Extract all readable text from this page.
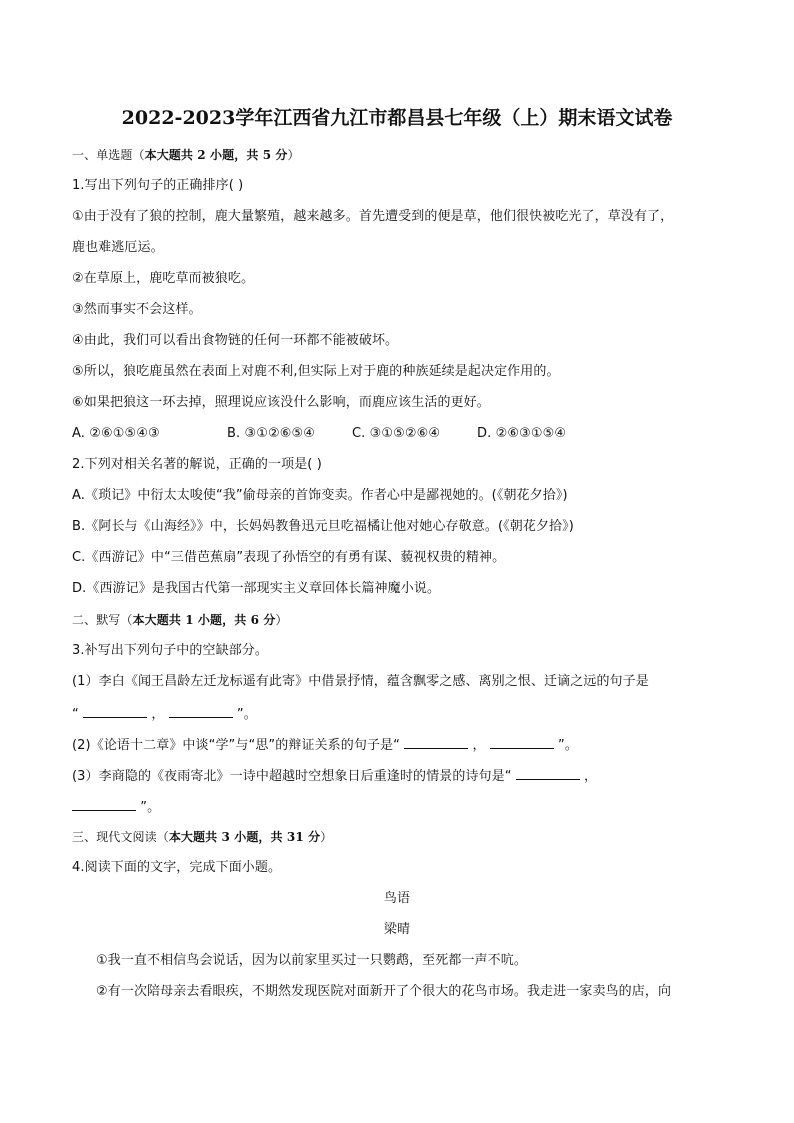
2022-2023学年江西省九江市都昌县七年级（上）期末语文试卷
一、单选题（本大题共 2 小题，共 5 分）
1.写出下列句子的正确排序( )
①由于没有了狼的控制，鹿大量繁殖，越来越多。首先遭受到的便是草，他们很快被吃光了，草没有了，
鹿也难逃厄运。
②在草原上，鹿吃草而被狼吃。
③然而事实不会这样。
④由此，我们可以看出食物链的任何一环都不能被破坏。
⑤所以，狼吃鹿虽然在表面上对鹿不利,但实际上对于鹿的种族延续是起决定作用的。
⑥如果把狼这一环去掉，照理说应该没什么影响，而鹿应该生活的更好。
A. ②⑥①⑤④③	B. ③①②⑥⑤④	C. ③①⑤②⑥④	D. ②⑥③①⑤④
2.下列对相关名著的解说，正确的一项是( )
A.《琐记》中衍太太唆使“我”偷母亲的首饰变卖。作者心中是鄙视她的。(《朝花夕拾》)
B.《阿长与《山海经》》中，长妈妈教鲁迅元旦吃福橘让他对她心存敬意。(《朝花夕拾》)
C.《西游记》中“三借芭蕉扇”表现了孙悟空的有勇有谋、藐视权贵的精神。
D.《西游记》是我国古代第一部现实主义章回体长篇神魔小说。
二、默写（本大题共 1 小题，共 6 分）
3.补写出下列句子中的空缺部分。
(1）李白《闻王昌龄左迁龙标遥有此寄》中借景抒情，蕴含飘零之感、离别之恨、迁谪之远的句子是
“	，	”。
(2)《论语十二章》中谈“学”与“思”的辩证关系的句子是“	，	”。
(3）李商隐的《夜雨寄北》一诗中超越时空想象日后重逢时的情景的诗句是“	，
”。
三、现代文阅读（本大题共 3 小题，共 31 分）
4.阅读下面的文字，完成下面小题。
鸟语
梁晴
①我一直不相信鸟会说话，因为以前家里买过一只鹦鹉，至死都一声不吭。
②有一次陪母亲去看眼疾，不期然发现医院对面新开了个很大的花鸟市场。我走进一家卖鸟的店，向
